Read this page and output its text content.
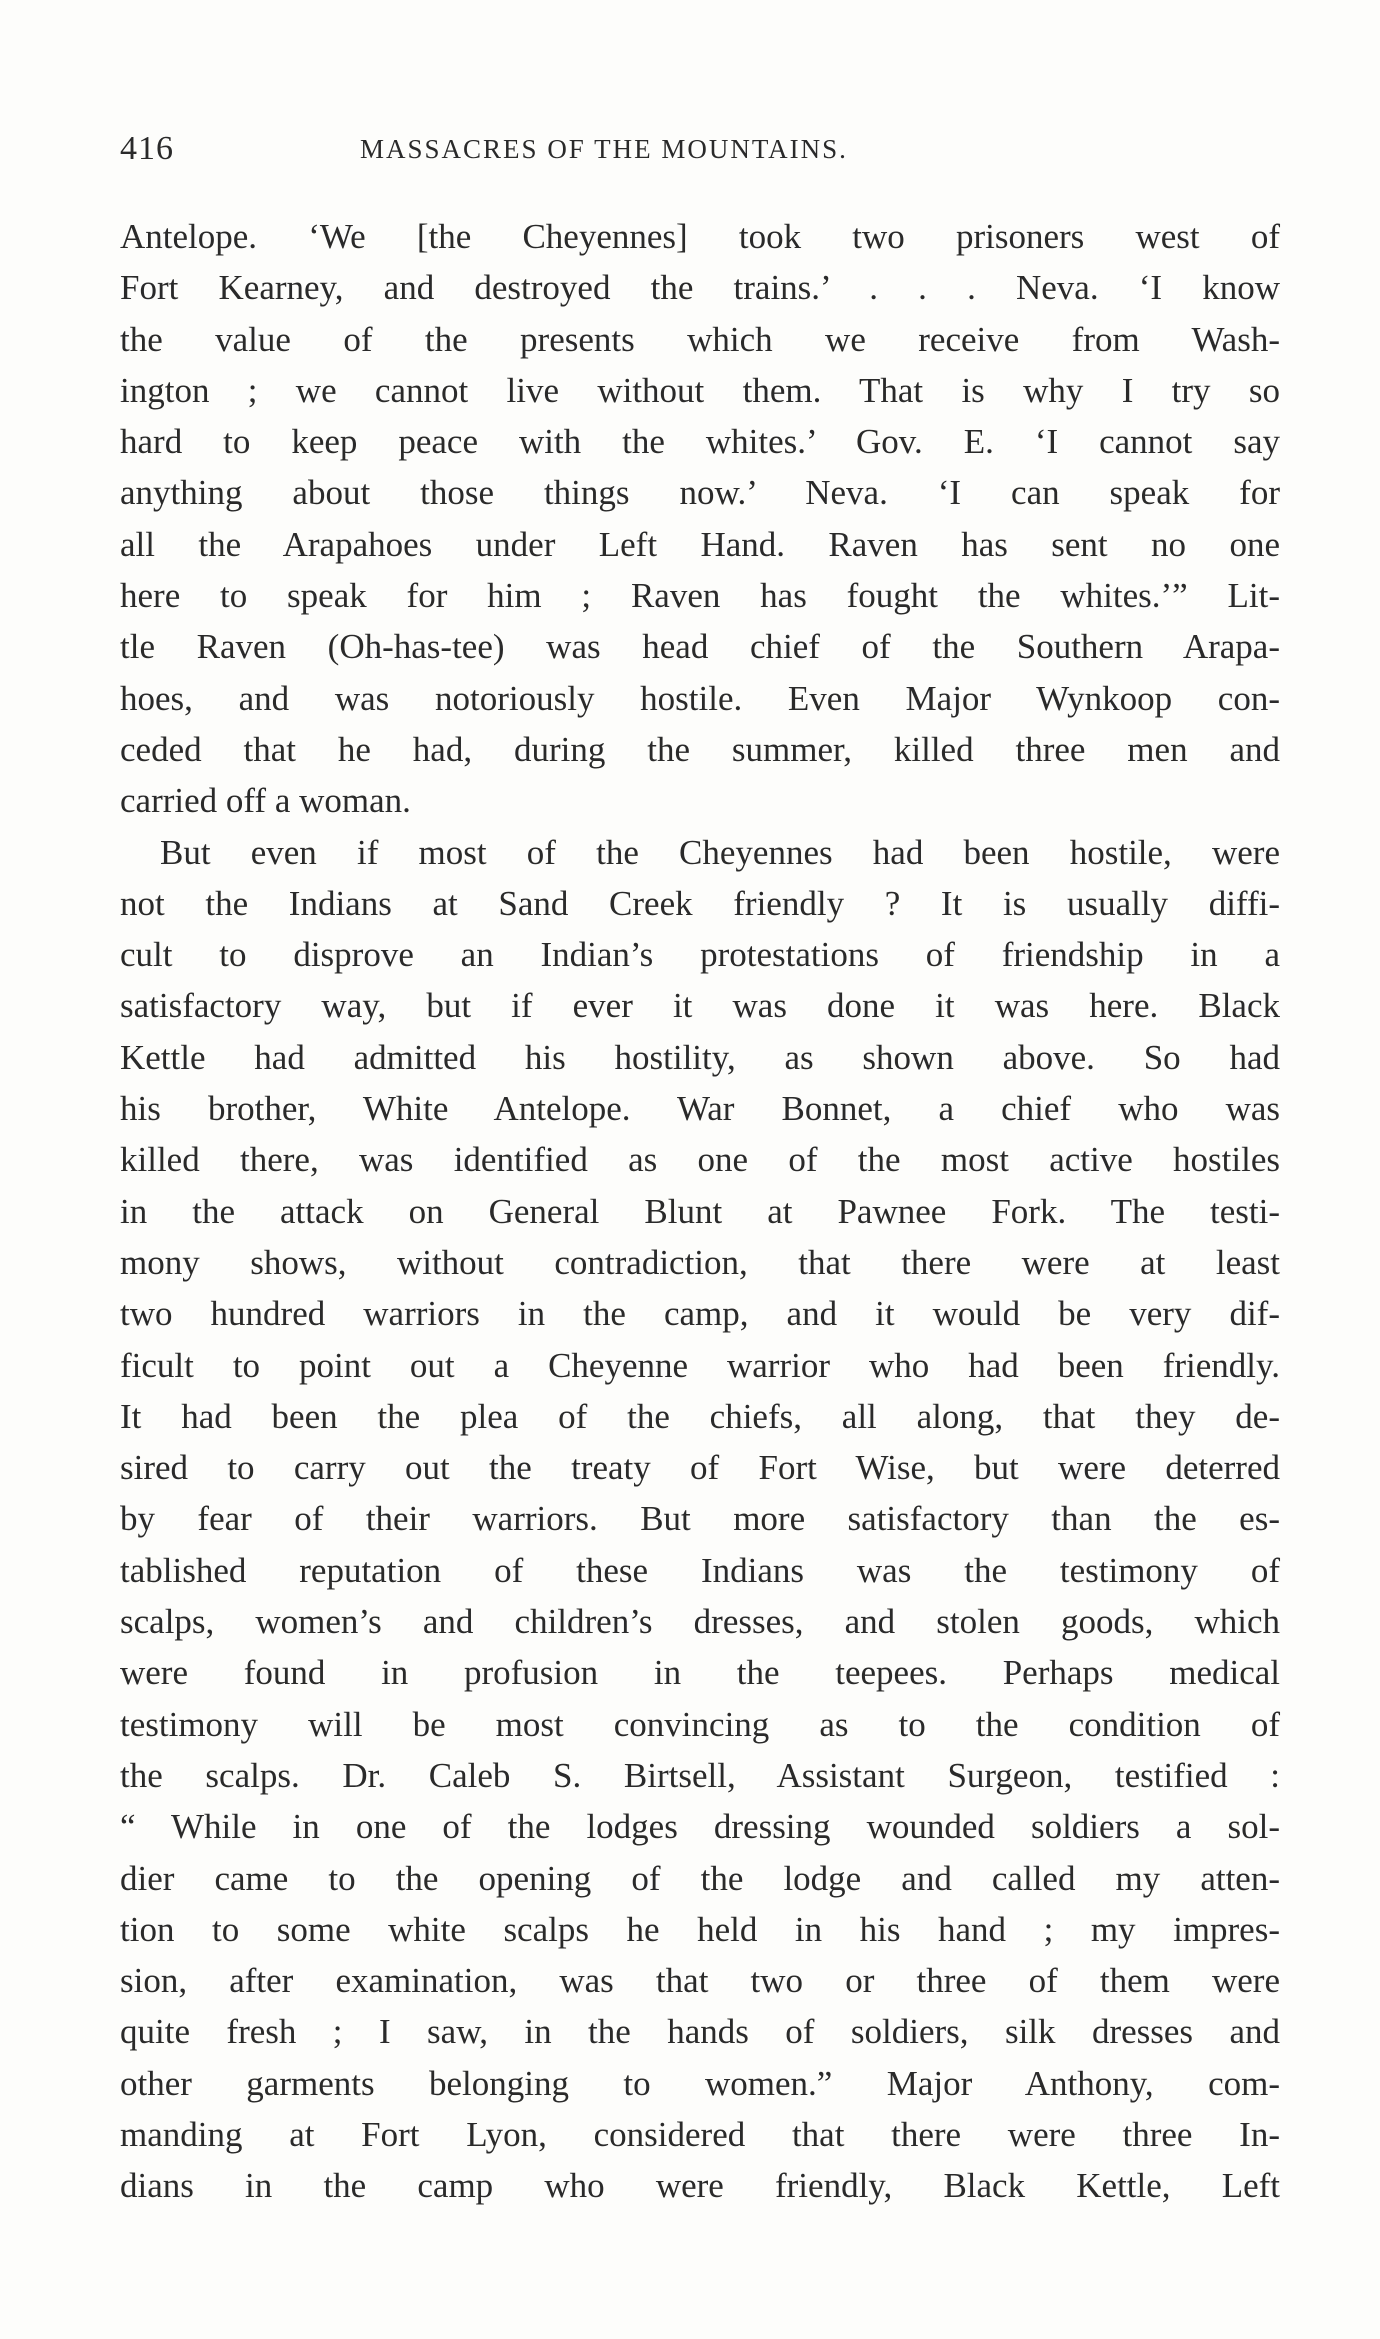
416	MASSACRES OF THE MOUNTAINS.
Antelope. ‘We [the Cheyennes] took two prisoners west of
Fort Kearney, and destroyed the trains.’ . . . Neva. ‘I know
the value of the presents which we receive from Wash-
ington ; we cannot live without them. That is why I try so
hard to keep peace with the whites.’ Gov. E. ‘I cannot say
anything about those things now.’ Neva. ‘I can speak for
all the Arapahoes under Left Hand. Raven has sent no one
here to speak for him ; Raven has fought the whites.’” Lit-
tle Raven (Oh-has-tee) was head chief of the Southern Arapa-
hoes, and was notoriously hostile. Even Major Wynkoop con-
ceded that he had, during the summer, killed three men and
carried off a woman.
But even if most of the Cheyennes had been hostile, were
not the Indians at Sand Creek friendly ? It is usually diffi-
cult to disprove an Indian’s protestations of friendship in a
satisfactory way, but if ever it was done it was here. Black
Kettle had admitted his hostility, as shown above. So had
his brother, White Antelope. War Bonnet, a chief who was
killed there, was identified as one of the most active hostiles
in the attack on General Blunt at Pawnee Fork. The testi-
mony shows, without contradiction, that there were at least
two hundred warriors in the camp, and it would be very dif-
ficult to point out a Cheyenne warrior who had been friendly.
It had been the plea of the chiefs, all along, that they de-
sired to carry out the treaty of Fort Wise, but were deterred
by fear of their warriors. But more satisfactory than the es-
tablished reputation of these Indians was the testimony of
scalps, women’s and children’s dresses, and stolen goods, which
were found in profusion in the teepees. Perhaps medical
testimony will be most convincing as to the condition of
the scalps. Dr. Caleb S. Birtsell, Assistant Surgeon, testified :
“ While in one of the lodges dressing wounded soldiers a sol-
dier came to the opening of the lodge and called my atten-
tion to some white scalps he held in his hand ; my impres-
sion, after examination, was that two or three of them were
quite fresh ; I saw, in the hands of soldiers, silk dresses and
other garments belonging to women.” Major Anthony, com-
manding at Fort Lyon, considered that there were three In-
dians in the camp who were friendly, Black Kettle, Left
